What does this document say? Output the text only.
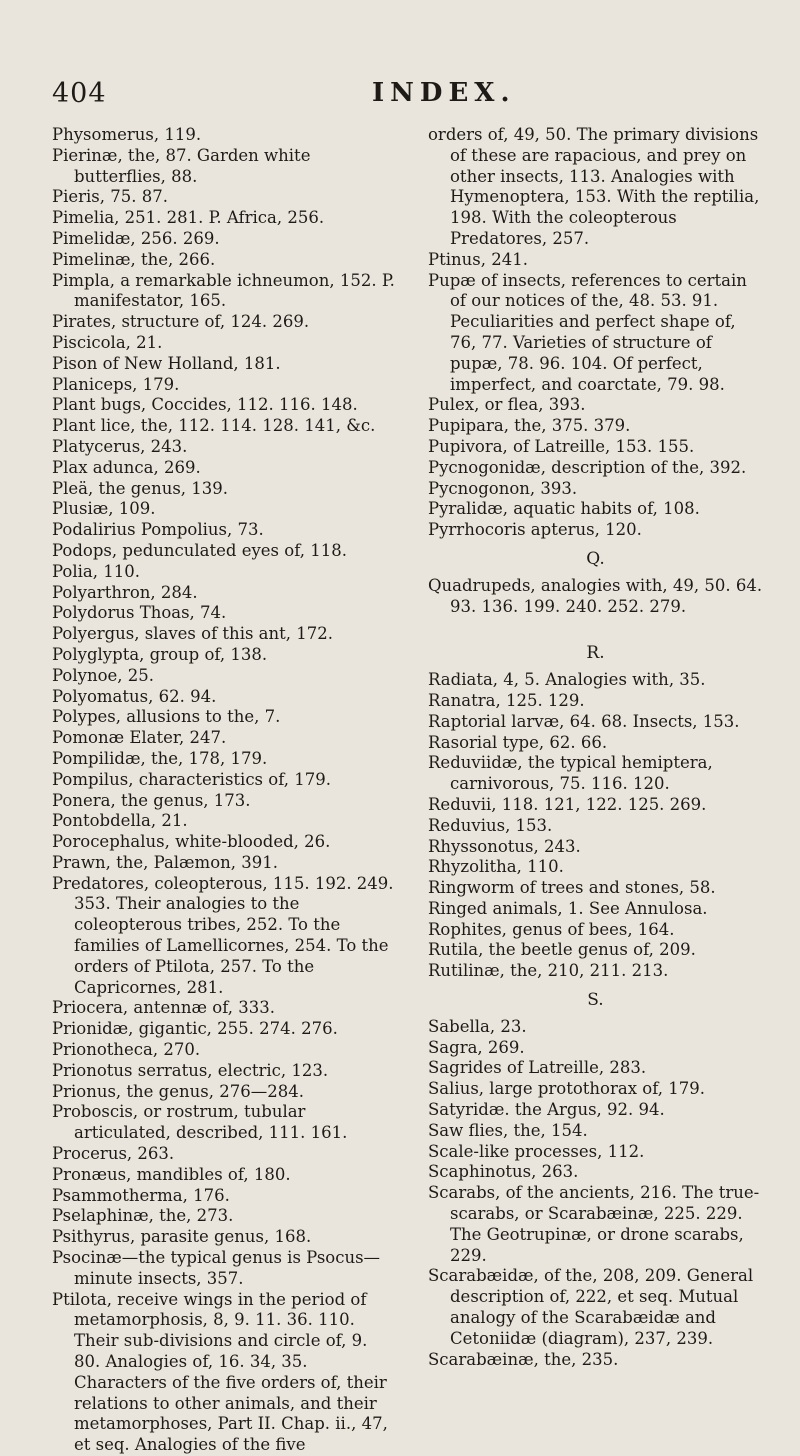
404	INDEX.

Physomerus, 119.

Pierinæ, the, 87. Garden white butterflies, 88.

Pieris, 75. 87.

Pimelia, 251. 281. P. Africa, 256.

Pimelidæ, 256. 269.

Pimelinæ, the, 266.

Pimpla, a remarkable ichneumon, 152. P. manifestator, 165.

Pirates, structure of, 124. 269.

Piscicola, 21.

Pison of New Holland, 181.

Planiceps, 179.

Plant bugs, Coccides, 112. 116. 148.

Plant lice, the, 112. 114. 128. 141, &c.

Platycerus, 243.

Plax adunca, 269.

Pleä, the genus, 139.

Plusiæ, 109.

Podalirius Pompolius, 73.

Podops, pedunculated eyes of, 118.

Polia, 110.

Polyarthron, 284.

Polydorus Thoas, 74.

Polyergus, slaves of this ant, 172.

Polyglypta, group of, 138.

Polynoe, 25.

Polyomatus, 62. 94.

Polypes, allusions to the, 7.

Pomonæ Elater, 247.

Pompilidæ, the, 178, 179.

Pompilus, characteristics of, 179.

Ponera, the genus, 173.

Pontobdella, 21.

Porocephalus, white-blooded, 26.

Prawn, the, Palæmon, 391.

Predatores, coleopterous, 115. 192. 249. 353. Their analogies to the coleopterous tribes, 252. To the families of Lamellicornes, 254. To the orders of Ptilota, 257. To the Capricornes, 281.

Priocera, antennæ of, 333.

Prionidæ, gigantic, 255. 274. 276.

Prionotheca, 270.

Prionotus serratus, electric, 123.

Prionus, the genus, 276—284.

Proboscis, or rostrum, tubular articulated, described, 111. 161.

Procerus, 263.

Pronæus, mandibles of, 180.

Psammotherma, 176.

Pselaphinæ, the, 273.

Psithyrus, parasite genus, 168.

Psocinæ—the typical genus is Psocus—minute insects, 357.

Ptilota, receive wings in the period of metamorphosis, 8, 9. 11. 36. 110. Their sub-divisions and circle of, 9. 80. Analogies of, 16. 34, 35. Characters of the five orders of, their relations to other animals, and their metamorphoses, Part II. Chap. ii., 47, et seq. Analogies of the five

orders of, 49, 50. The primary divisions of these are rapacious, and prey on other insects, 113. Analogies with Hymenoptera, 153. With the reptilia, 198. With the coleopterous Predatores, 257.

Ptinus, 241.

Pupæ of insects, references to certain of our notices of the, 48. 53. 91. Peculiarities and perfect shape of, 76, 77. Varieties of structure of pupæ, 78. 96. 104. Of perfect, imperfect, and coarctate, 79. 98.

Pulex, or flea, 393.

Pupipara, the, 375. 379.

Pupivora, of Latreille, 153. 155.

Pycnogonidæ, description of the, 392.

Pycnogonon, 393.

Pyralidæ, aquatic habits of, 108.

Pyrrhocoris apterus, 120.

Q.

Quadrupeds, analogies with, 49, 50. 64. 93. 136. 199. 240. 252. 279.

R.

Radiata, 4, 5. Analogies with, 35.

Ranatra, 125. 129.

Raptorial larvæ, 64. 68. Insects, 153.

Rasorial type, 62. 66.

Reduviidæ, the typical hemiptera, carnivorous, 75. 116. 120.

Reduvii, 118. 121, 122. 125. 269.

Reduvius, 153.

Rhyssonotus, 243.

Rhyzolitha, 110.

Ringworm of trees and stones, 58.

Ringed animals, 1. See Annulosa.

Rophites, genus of bees, 164.

Rutila, the beetle genus of, 209.

Rutilinæ, the, 210, 211. 213.

S.

Sabella, 23.

Sagra, 269.

Sagrides of Latreille, 283.

Salius, large protothorax of, 179.

Satyridæ. the Argus, 92. 94.

Saw flies, the, 154.

Scale-like processes, 112.

Scaphinotus, 263.

Scarabs, of the ancients, 216. The true-scarabs, or Scarabæinæ, 225. 229. The Geotrupinæ, or drone scarabs, 229.

Scarabæidæ, of the, 208, 209. General description of, 222, et seq. Mutual analogy of the Scarabæidæ and Cetoniidæ (diagram), 237, 239.

Scarabæinæ, the, 235.
